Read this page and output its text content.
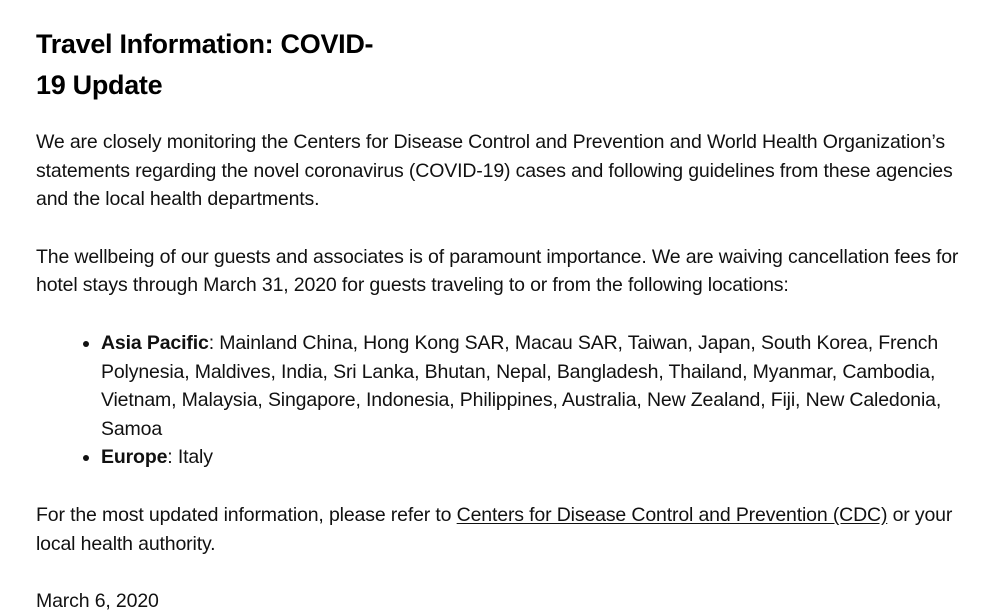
Travel Information: COVID-
19 Update

We are closely monitoring the Centers for Disease Control and Prevention and World Health Organization’s statements regarding the novel coronavirus (COVID-19) cases and following guidelines from these agencies and the local health departments.

The wellbeing of our guests and associates is of paramount importance. We are waiving cancellation fees for hotel stays through March 31, 2020 for guests traveling to or from the following locations:

Asia Pacific: Mainland China, Hong Kong SAR, Macau SAR, Taiwan, Japan, South Korea, French Polynesia, Maldives, India, Sri Lanka, Bhutan, Nepal, Bangladesh, Thailand, Myanmar, Cambodia, Vietnam, Malaysia, Singapore, Indonesia, Philippines, Australia, New Zealand, Fiji, New Caledonia, Samoa
Europe: Italy

For the most updated information, please refer to Centers for Disease Control and Prevention (CDC) or your local health authority.

March 6, 2020
